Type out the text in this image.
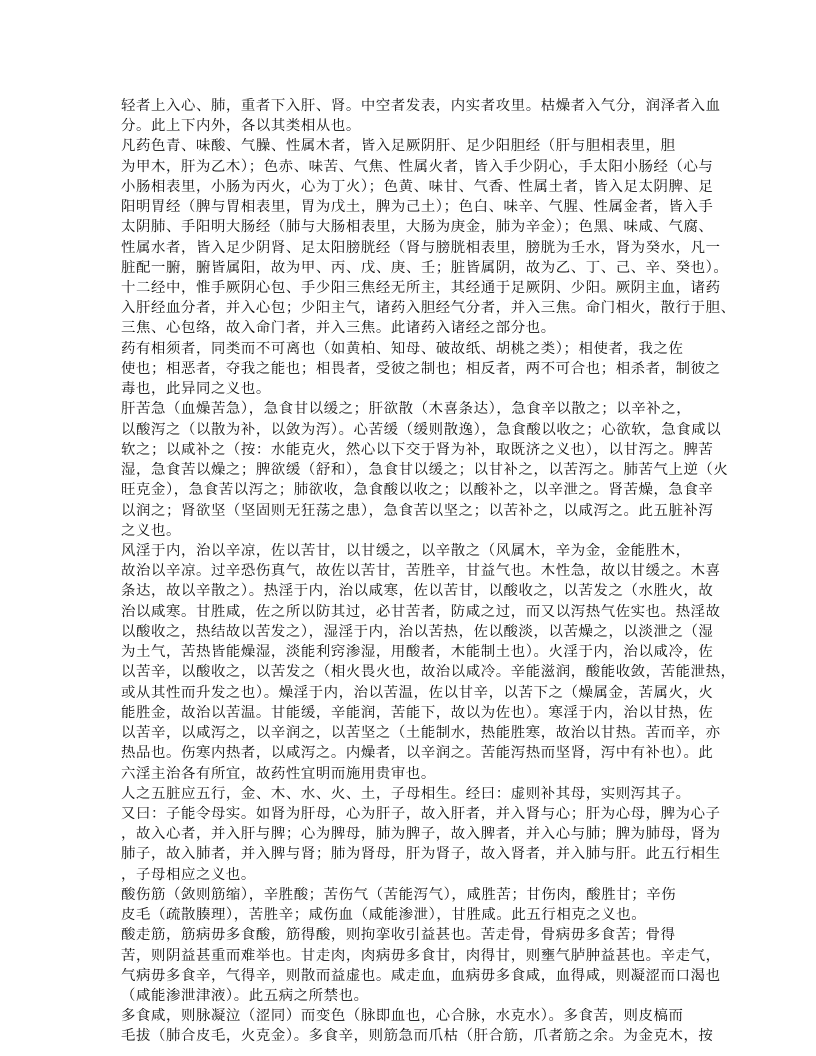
轻者上入心、肺，重者下入肝、肾。中空者发表，内实者攻里。枯燥者入气分，润泽者入血
分。此上下内外，各以其类相从也。
凡药色青、味酸、气臊、性属木者，皆入足厥阴肝、足少阳胆经（肝与胆相表里，胆
为甲木，肝为乙木）；色赤、味苦、气焦、性属火者，皆入手少阴心，手太阳小肠经（心与
小肠相表里，小肠为丙火，心为丁火）；色黄、味甘、气香、性属土者，皆入足太阴脾、足
阳明胃经（脾与胃相表里，胃为戊土，脾为己土）；色白、味辛、气腥、性属金者，皆入手
太阴肺、手阳明大肠经（肺与大肠相表里，大肠为庚金，肺为辛金）；色黑、味咸、气腐、
性属水者，皆入足少阴肾、足太阳膀胱经（肾与膀胱相表里，膀胱为壬水，肾为癸水，凡一
脏配一腑，腑皆属阳，故为甲、丙、戊、庚、壬；脏皆属阴，故为乙、丁、己、辛、癸也）。
十二经中，惟手厥阴心包、手少阳三焦经无所主，其经通于足厥阴、少阳。厥阴主血，诸药
入肝经血分者，并入心包；少阳主气，诸药入胆经气分者，并入三焦。命门相火，散行于胆、
三焦、心包络，故入命门者，并入三焦。此诸药入诸经之部分也。
药有相须者，同类而不可离也（如黄柏、知母、破故纸、胡桃之类）；相使者，我之佐
使也；相恶者，夺我之能也；相畏者，受彼之制也；相反者，两不可合也；相杀者，制彼之
毒也，此异同之义也。
肝苦急（血燥苦急），急食甘以缓之；肝欲散（木喜条达），急食辛以散之；以辛补之，
以酸泻之（以散为补，以敛为泻）。心苦缓（缓则散逸），急食酸以收之；心欲软，急食咸以
软之；以咸补之（按：水能克火，然心以下交于肾为补，取既济之义也），以甘泻之。脾苦
湿，急食苦以燥之；脾欲缓（舒和），急食甘以缓之；以甘补之，以苦泻之。肺苦气上逆（火
旺克金），急食苦以泻之；肺欲收，急食酸以收之；以酸补之，以辛泄之。肾苦燥，急食辛
以润之；肾欲坚（坚固则无狂荡之患），急食苦以坚之；以苦补之，以咸泻之。此五脏补泻
之义也。
风淫于内，治以辛凉，佐以苦甘，以甘缓之，以辛散之（风属木，辛为金，金能胜木，
故治以辛凉。过辛恐伤真气，故佐以苦甘，苦胜辛，甘益气也。木性急，故以甘缓之。木喜
条达，故以辛散之）。热淫于内，治以咸寒，佐以苦甘，以酸收之，以苦发之（水胜火，故
治以咸寒。甘胜咸，佐之所以防其过，必甘苦者，防咸之过，而又以泻热气佐实也。热淫故
以酸收之，热结故以苦发之），湿淫于内，治以苦热，佐以酸淡，以苦燥之，以淡泄之（湿
为土气，苦热皆能燥湿，淡能利窍渗湿，用酸者，木能制土也）。火淫于内，治以咸冷，佐
以苦辛，以酸收之，以苦发之（相火畏火也，故治以咸冷。辛能滋润，酸能收敛，苦能泄热，
或从其性而升发之也）。燥淫于内，治以苦温，佐以甘辛，以苦下之（燥属金，苦属火，火
能胜金，故治以苦温。甘能缓，辛能润，苦能下，故以为佐也）。寒淫于内，治以甘热，佐
以苦辛，以咸泻之，以辛润之，以苦坚之（土能制水，热能胜寒，故治以甘热。苦而辛，亦
热品也。伤寒内热者，以咸泻之。内燥者，以辛润之。苦能泻热而坚肾，泻中有补也）。此
六淫主治各有所宜，故药性宜明而施用贵审也。
人之五脏应五行，金、木、水、火、土，子母相生。经曰：虚则补其母，实则泻其子。
又曰：子能令母实。如肾为肝母，心为肝子，故入肝者，并入肾与心；肝为心母，脾为心子
，故入心者，并入肝与脾；心为脾母，肺为脾子，故入脾者，并入心与肺；脾为肺母，肾为
肺子，故入肺者，并入脾与肾；肺为肾母，肝为肾子，故入肾者，并入肺与肝。此五行相生
，子母相应之义也。
酸伤筋（敛则筋缩），辛胜酸；苦伤气（苦能泻气），咸胜苦；甘伤肉，酸胜甘；辛伤
皮毛（疏散腠理），苦胜辛；咸伤血（咸能渗泄），甘胜咸。此五行相克之义也。
酸走筋，筋病毋多食酸，筋得酸，则拘挛收引益甚也。苦走骨，骨病毋多食苦；骨得
苦，则阴益甚重而难举也。甘走肉，肉病毋多食甘，肉得甘，则壅气胪肿益甚也。辛走气，
气病毋多食辛，气得辛，则散而益虚也。咸走血，血病毋多食咸，血得咸，则凝涩而口渴也
（咸能渗泄津液）。此五病之所禁也。
多食咸，则脉凝泣（涩同）而变色（脉即血也，心合脉，水克水）。多食苦，则皮槁而
毛拔（肺合皮毛，火克金）。多食辛，则筋急而爪枯（肝合筋，爪者筋之余。为金克木，按
